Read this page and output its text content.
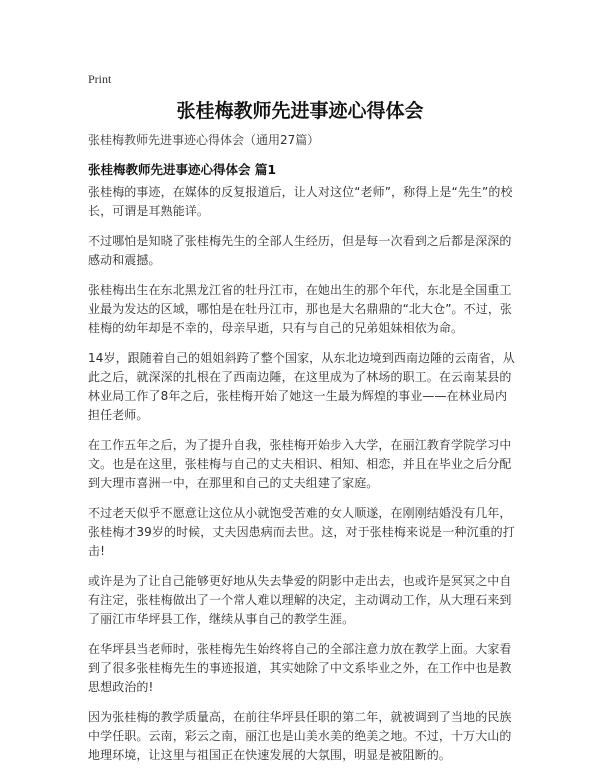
Print
张桂梅教师先进事迹心得体会
张桂梅教师先进事迹心得体会（通用27篇）
张桂梅教师先进事迹心得体会 篇1

张桂梅的事迹，在媒体的反复报道后，让人对这位“老师”，称得上是“先生”的校长，可谓是耳熟能详。

不过哪怕是知晓了张桂梅先生的全部人生经历，但是每一次看到之后都是深深的感动和震撼。

张桂梅出生在东北黑龙江省的牡丹江市，在她出生的那个年代，东北是全国重工业最为发达的区域，哪怕是在牡丹江市，那也是大名鼎鼎的“北大仓”。不过，张桂梅的幼年却是不幸的，母亲早逝，只有与自己的兄弟姐妹相依为命。

14岁，跟随着自己的姐姐斜跨了整个国家，从东北边境到西南边陲的云南省，从此之后，就深深的扎根在了西南边陲，在这里成为了林场的职工。在云南某县的林业局工作了8年之后，张桂梅开始了她这一生最为辉煌的事业——在林业局内担任老师。

在工作五年之后，为了提升自我，张桂梅开始步入大学，在丽江教育学院学习中文。也是在这里，张桂梅与自己的丈夫相识、相知、相恋，并且在毕业之后分配到大理市喜洲一中，在那里和自己的丈夫组建了家庭。

不过老天似乎不愿意让这位从小就饱受苦难的女人顺遂，在刚刚结婚没有几年，张桂梅才39岁的时候，丈夫因患病而去世。这，对于张桂梅来说是一种沉重的打击!

或许是为了让自己能够更好地从失去挚爱的阴影中走出去，也或许是冥冥之中自有注定，张桂梅做出了一个常人难以理解的决定，主动调动工作，从大理石来到了丽江市华坪县工作，继续从事自己的教学生涯。

在华坪县当老师时，张桂梅先生始终将自己的全部注意力放在教学上面。大家看到了很多张桂梅先生的事迹报道，其实她除了中文系毕业之外，在工作中也是教思想政治的!

因为张桂梅的教学质量高，在前往华坪县任职的第二年，就被调到了当地的民族中学任职。云南，彩云之南，丽江也是山美水美的绝美之地。不过，十万大山的地理环境，让这里与祖国正在快速发展的大氛围，明显是被阻断的。
